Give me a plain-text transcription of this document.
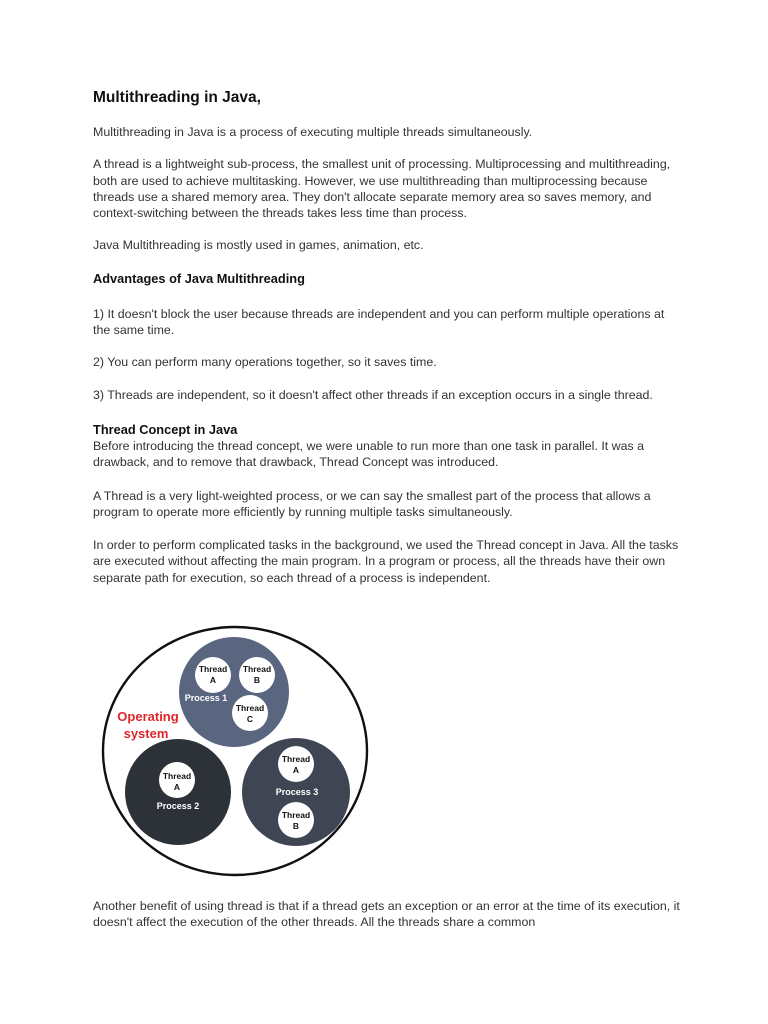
Multithreading in Java,

Multithreading in Java is a process of executing multiple threads simultaneously.

A thread is a lightweight sub-process, the smallest unit of processing. Multiprocessing and multithreading, both are used to achieve multitasking. However, we use multithreading than multiprocessing because threads use a shared memory area. They don't allocate separate memory area so saves memory, and context-switching between the threads takes less time than process.

Java Multithreading is mostly used in games, animation, etc.

Advantages of Java Multithreading

1) It doesn't block the user because threads are independent and you can perform multiple operations at the same time.

2) You can perform many operations together, so it saves time.

3) Threads are independent, so it doesn't affect other threads if an exception occurs in a single thread.

Thread Concept in Java

Before introducing the thread concept, we were unable to run more than one task in parallel. It was a drawback, and to remove that drawback, Thread Concept was introduced.

A Thread is a very light-weighted process, or we can say the smallest part of the process that allows a program to operate more efficiently by running multiple tasks simultaneously.

In order to perform complicated tasks in the background, we used the Thread concept in Java. All the tasks are executed without affecting the main program. In a program or process, all the threads have their own separate path for execution, so each thread of a process is independent.

Operating
system
Thread
A
Thread
B
Process 1
Thread
C
Thread
A
Process 2
Thread
A
Process 3
Thread
B

Another benefit of using thread is that if a thread gets an exception or an error at the time of its execution, it doesn't affect the execution of the other threads. All the threads share a common
